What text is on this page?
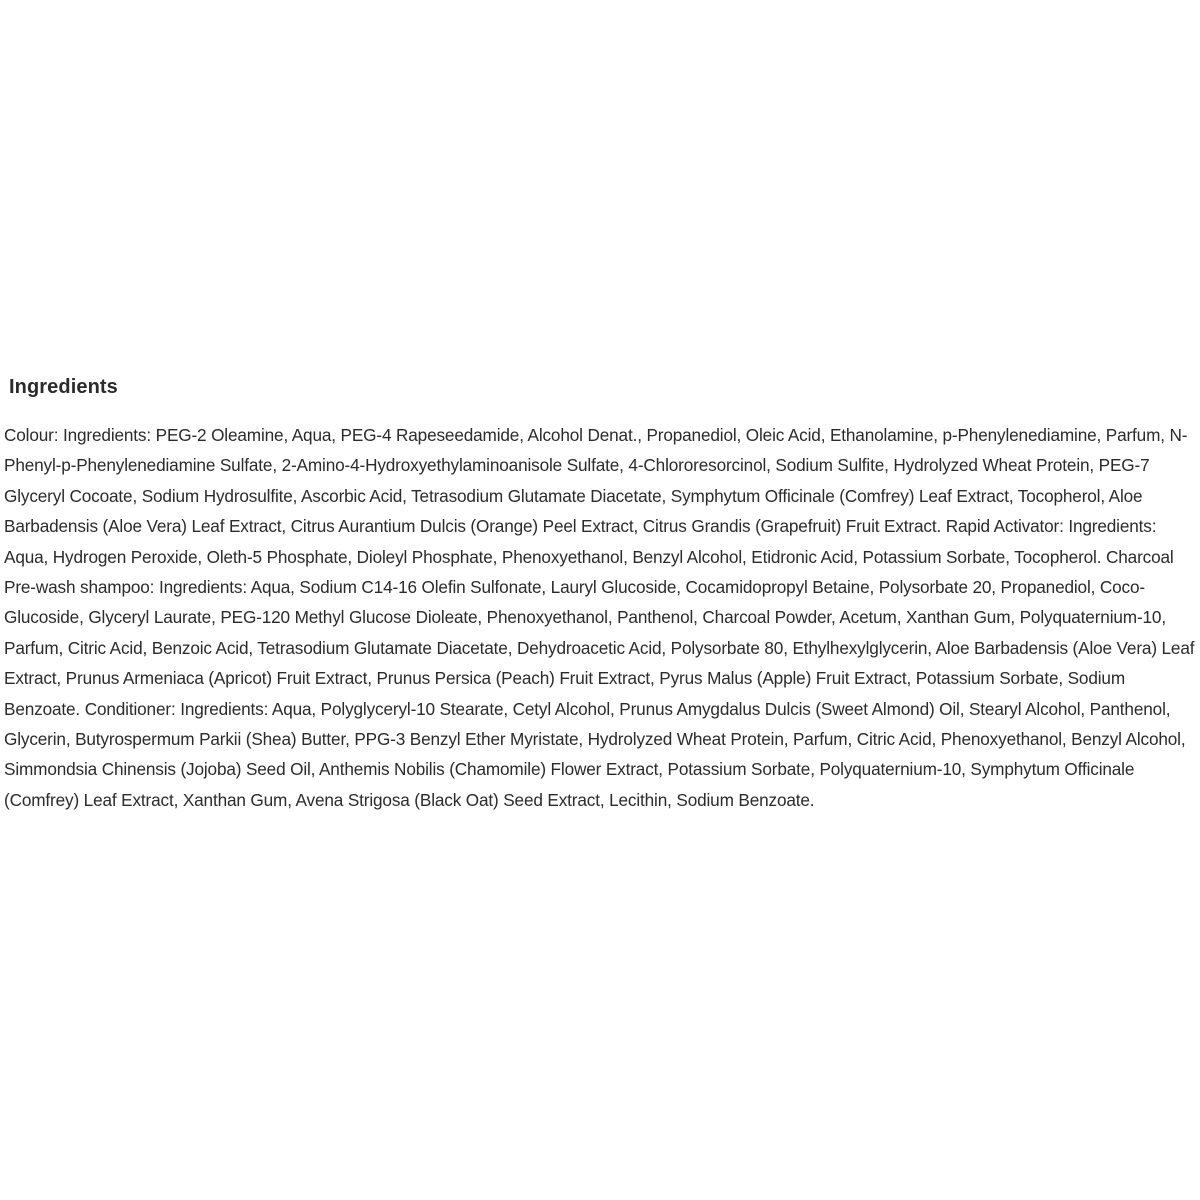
Ingredients

Colour: Ingredients: PEG-2 Oleamine, Aqua, PEG-4 Rapeseedamide, Alcohol Denat., Propanediol, Oleic Acid, Ethanolamine, p-Phenylenediamine, Parfum, N- Phenyl-p-Phenylenediamine Sulfate, 2-Amino-4-Hydroxyethylaminoanisole Sulfate, 4-Chlororesorcinol, Sodium Sulfite, Hydrolyzed Wheat Protein, PEG-7 Glyceryl Cocoate, Sodium Hydrosulfite, Ascorbic Acid, Tetrasodium Glutamate Diacetate, Symphytum Officinale (Comfrey) Leaf Extract, Tocopherol, Aloe Barbadensis (Aloe Vera) Leaf Extract, Citrus Aurantium Dulcis (Orange) Peel Extract, Citrus Grandis (Grapefruit) Fruit Extract. Rapid Activator: Ingredients: Aqua, Hydrogen Peroxide, Oleth-5 Phosphate, Dioleyl Phosphate, Phenoxyethanol, Benzyl Alcohol, Etidronic Acid, Potassium Sorbate, Tocopherol. Charcoal Pre-wash shampoo: Ingredients: Aqua, Sodium C14-16 Olefin Sulfonate, Lauryl Glucoside, Cocamidopropyl Betaine, Polysorbate 20, Propanediol, Coco-Glucoside, Glyceryl Laurate, PEG-120 Methyl Glucose Dioleate, Phenoxyethanol, Panthenol, Charcoal Powder, Acetum, Xanthan Gum, Polyquaternium-10, Parfum, Citric Acid, Benzoic Acid, Tetrasodium Glutamate Diacetate, Dehydroacetic Acid, Polysorbate 80, Ethylhexylglycerin, Aloe Barbadensis (Aloe Vera) Leaf Extract, Prunus Armeniaca (Apricot) Fruit Extract, Prunus Persica (Peach) Fruit Extract, Pyrus Malus (Apple) Fruit Extract, Potassium Sorbate, Sodium Benzoate. Conditioner: Ingredients: Aqua, Polyglyceryl-10 Stearate, Cetyl Alcohol, Prunus Amygdalus Dulcis (Sweet Almond) Oil, Stearyl Alcohol, Panthenol, Glycerin, Butyrospermum Parkii (Shea) Butter, PPG-3 Benzyl Ether Myristate, Hydrolyzed Wheat Protein, Parfum, Citric Acid, Phenoxyethanol, Benzyl Alcohol, Simmondsia Chinensis (Jojoba) Seed Oil, Anthemis Nobilis (Chamomile) Flower Extract, Potassium Sorbate, Polyquaternium-10, Symphytum Officinale (Comfrey) Leaf Extract, Xanthan Gum, Avena Strigosa (Black Oat) Seed Extract, Lecithin, Sodium Benzoate.
